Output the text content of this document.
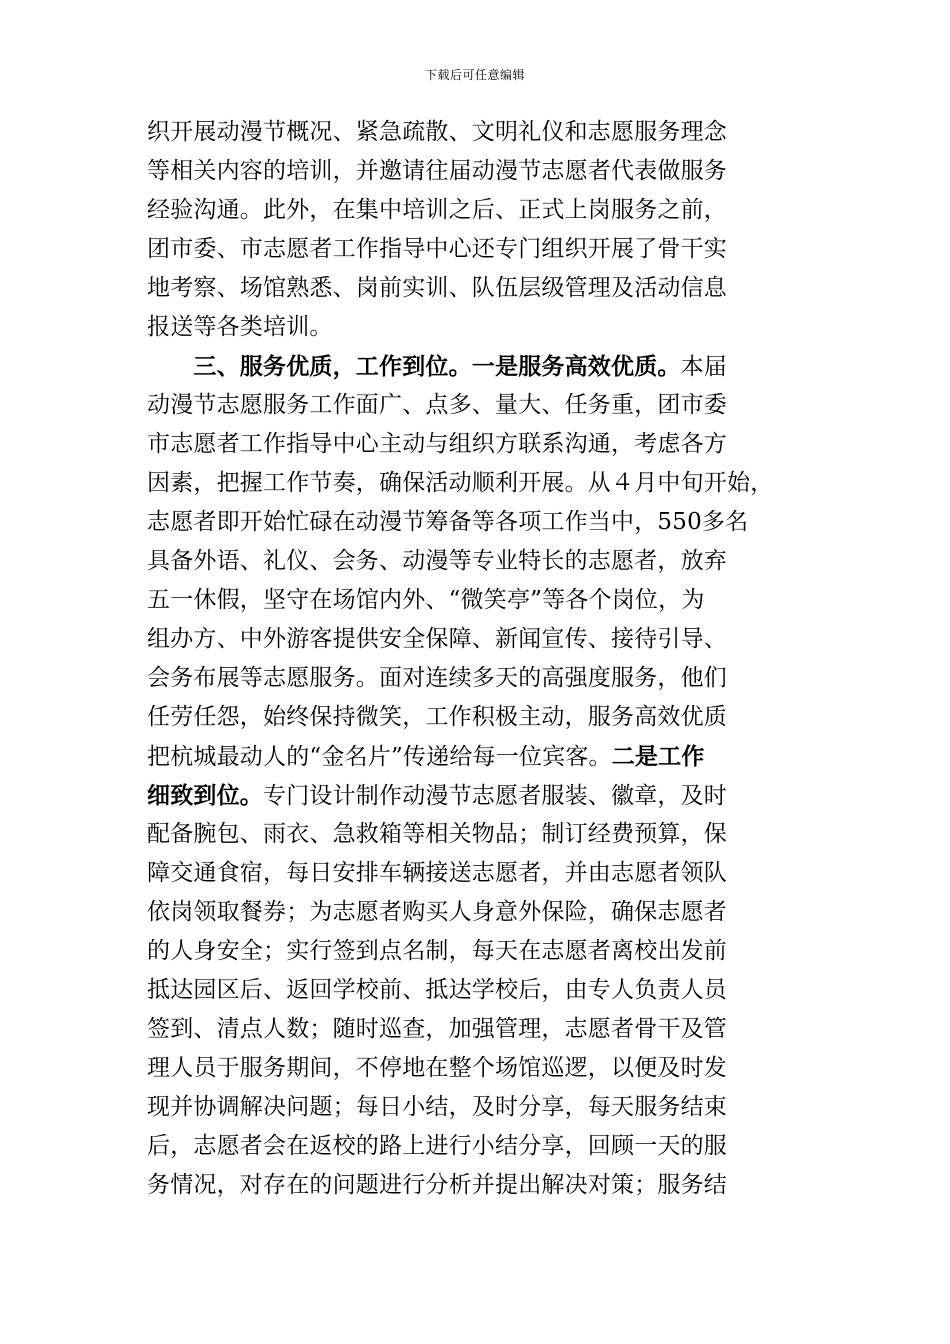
下载后可任意编辑
织开展动漫节概况、紧急疏散、文明礼仪和志愿服务理念
等相关内容的培训，并邀请往届动漫节志愿者代表做服务
经验沟通。此外，在集中培训之后、正式上岗服务之前，
团市委、市志愿者工作指导中心还专门组织开展了骨干实
地考察、场馆熟悉、岗前实训、队伍层级管理及活动信息
报送等各类培训。
　　三、服务优质，工作到位。一是服务高效优质。本届
动漫节志愿服务工作面广、点多、量大、任务重，团市委
市志愿者工作指导中心主动与组织方联系沟通，考虑各方
因素，把握工作节奏，确保活动顺利开展。从４月中旬开始，
志愿者即开始忙碌在动漫节筹备等各项工作当中，550多名
具备外语、礼仪、会务、动漫等专业特长的志愿者，放弃
五一休假，坚守在场馆内外、“微笑亭”等各个岗位，为
组办方、中外游客提供安全保障、新闻宣传、接待引导、
会务布展等志愿服务。面对连续多天的高强度服务，他们
任劳任怨，始终保持微笑，工作积极主动，服务高效优质
把杭城最动人的“金名片”传递给每一位宾客。二是工作
细致到位。专门设计制作动漫节志愿者服装、徽章，及时
配备腕包、雨衣、急救箱等相关物品；制订经费预算，保
障交通食宿，每日安排车辆接送志愿者，并由志愿者领队
依岗领取餐券；为志愿者购买人身意外保险，确保志愿者
的人身安全；实行签到点名制，每天在志愿者离校出发前
抵达园区后、返回学校前、抵达学校后，由专人负责人员
签到、清点人数；随时巡查，加强管理，志愿者骨干及管
理人员于服务期间，不停地在整个场馆巡逻，以便及时发
现并协调解决问题；每日小结，及时分享，每天服务结束
后，志愿者会在返校的路上进行小结分享，回顾一天的服
务情况，对存在的问题进行分析并提出解决对策；服务结
